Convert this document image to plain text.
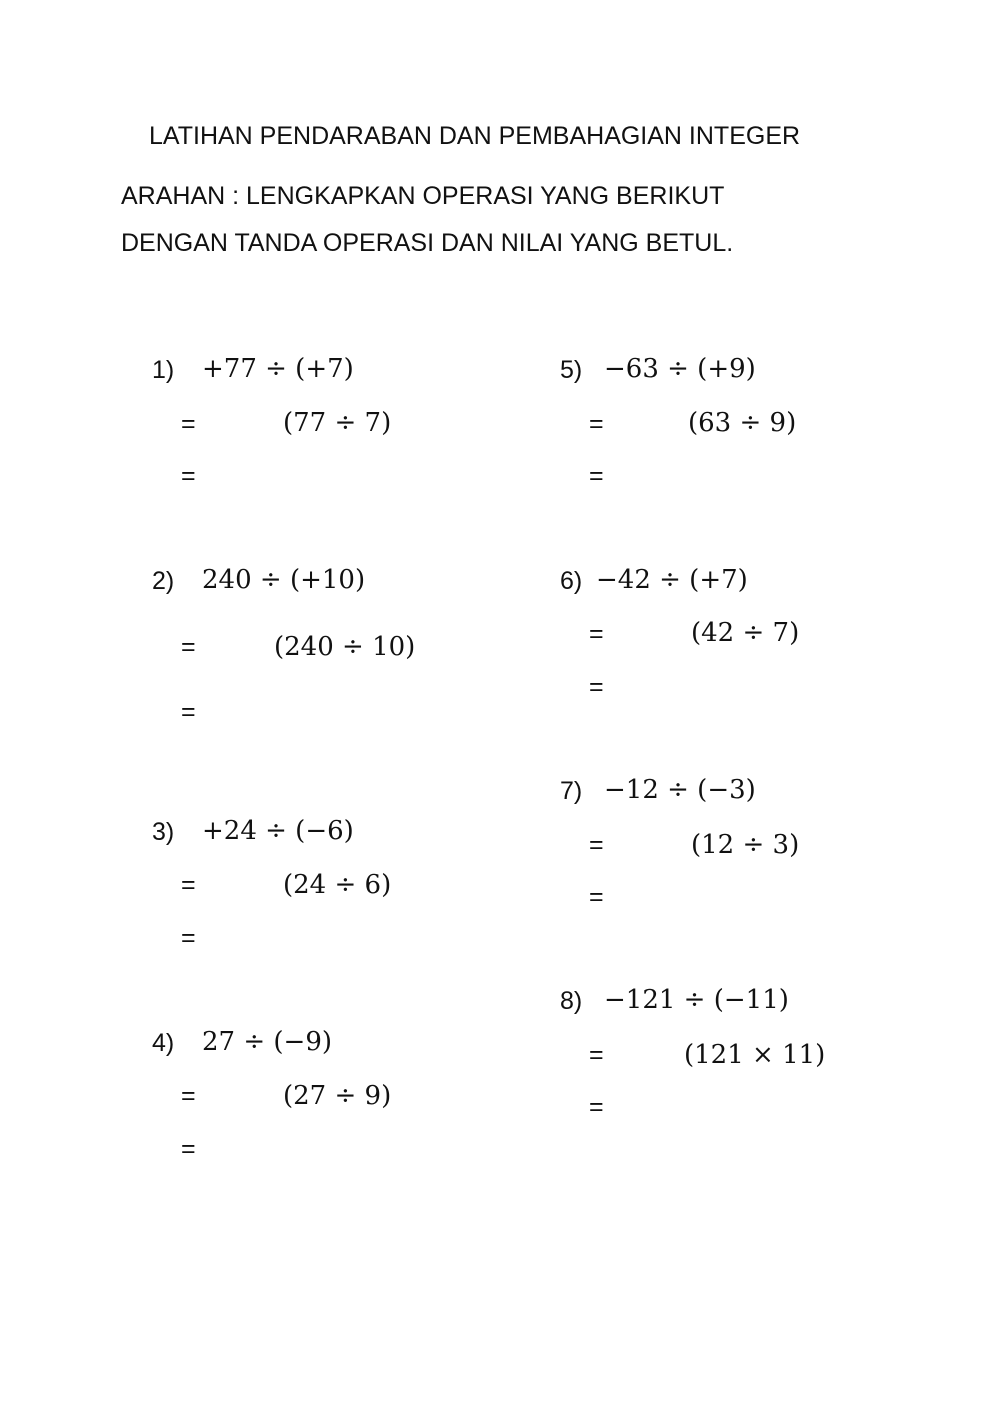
LATIHAN PENDARABAN DAN PEMBAHAGIAN INTEGER
ARAHAN : LENGKAPKAN OPERASI YANG BERIKUT
DENGAN TANDA OPERASI DAN NILAI YANG BETUL.
1) +77 ÷ (+7)
=	(77 ÷ 7)
=
2) 240 ÷ (+10)
=	(240 ÷ 10)
=
3) +24 ÷ (−6)
=	(24 ÷ 6)
=
4) 27 ÷ (−9)
=	(27 ÷ 9)
=
5) −63 ÷ (+9)
=	(63 ÷ 9)
=
6) −42 ÷ (+7)
=	(42 ÷ 7)
=
7) −12 ÷ (−3)
=	(12 ÷ 3)
=
8) −121 ÷ (−11)
=	(121 × 11)
=
